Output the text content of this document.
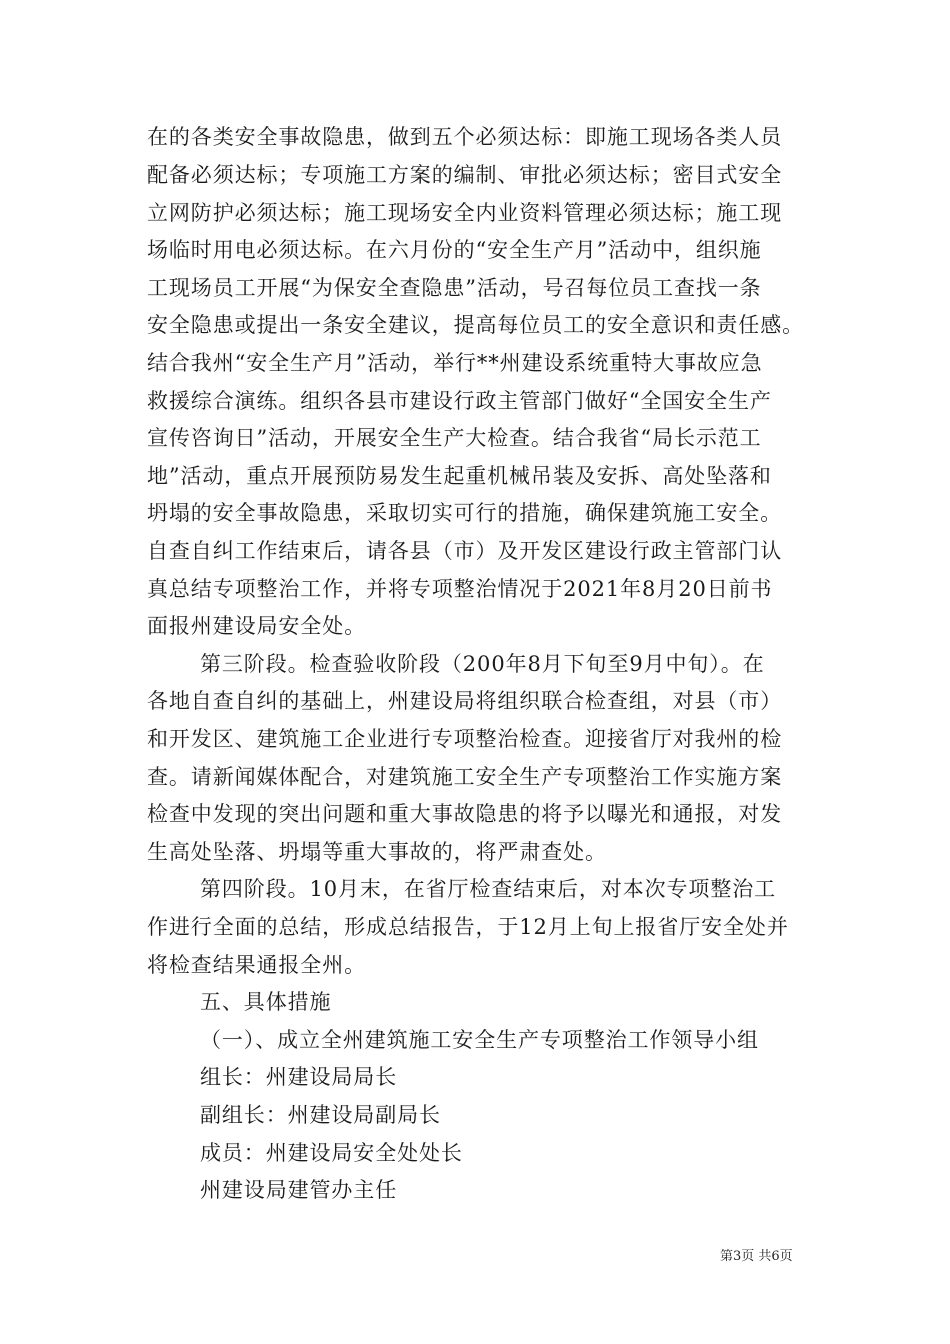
在的各类安全事故隐患，做到五个必须达标：即施工现场各类人员
配备必须达标；专项施工方案的编制、审批必须达标；密目式安全
立网防护必须达标；施工现场安全内业资料管理必须达标；施工现
场临时用电必须达标。在六月份的“安全生产月”活动中，组织施
工现场员工开展“为保安全查隐患”活动，号召每位员工查找一条
安全隐患或提出一条安全建议，提高每位员工的安全意识和责任感。
结合我州“安全生产月”活动，举行**州建设系统重特大事故应急
救援综合演练。组织各县市建设行政主管部门做好“全国安全生产
宣传咨询日”活动，开展安全生产大检查。结合我省“局长示范工
地”活动，重点开展预防易发生起重机械吊装及安拆、高处坠落和
坍塌的安全事故隐患，采取切实可行的措施，确保建筑施工安全。
自查自纠工作结束后，请各县（市）及开发区建设行政主管部门认
真总结专项整治工作，并将专项整治情况于2021年8月20日前书
面报州建设局安全处。
第三阶段。检查验收阶段（200年8月下旬至9月中旬）。在
各地自查自纠的基础上，州建设局将组织联合检查组，对县（市）
和开发区、建筑施工企业进行专项整治检查。迎接省厅对我州的检
查。请新闻媒体配合，对建筑施工安全生产专项整治工作实施方案
检查中发现的突出问题和重大事故隐患的将予以曝光和通报，对发
生高处坠落、坍塌等重大事故的，将严肃查处。
第四阶段。10月末，在省厅检查结束后，对本次专项整治工
作进行全面的总结，形成总结报告，于12月上旬上报省厅安全处并
将检查结果通报全州。
五、具体措施
（一）、成立全州建筑施工安全生产专项整治工作领导小组
组长：州建设局局长
副组长：州建设局副局长
成员：州建设局安全处处长
州建设局建管办主任
第3页 共6页
